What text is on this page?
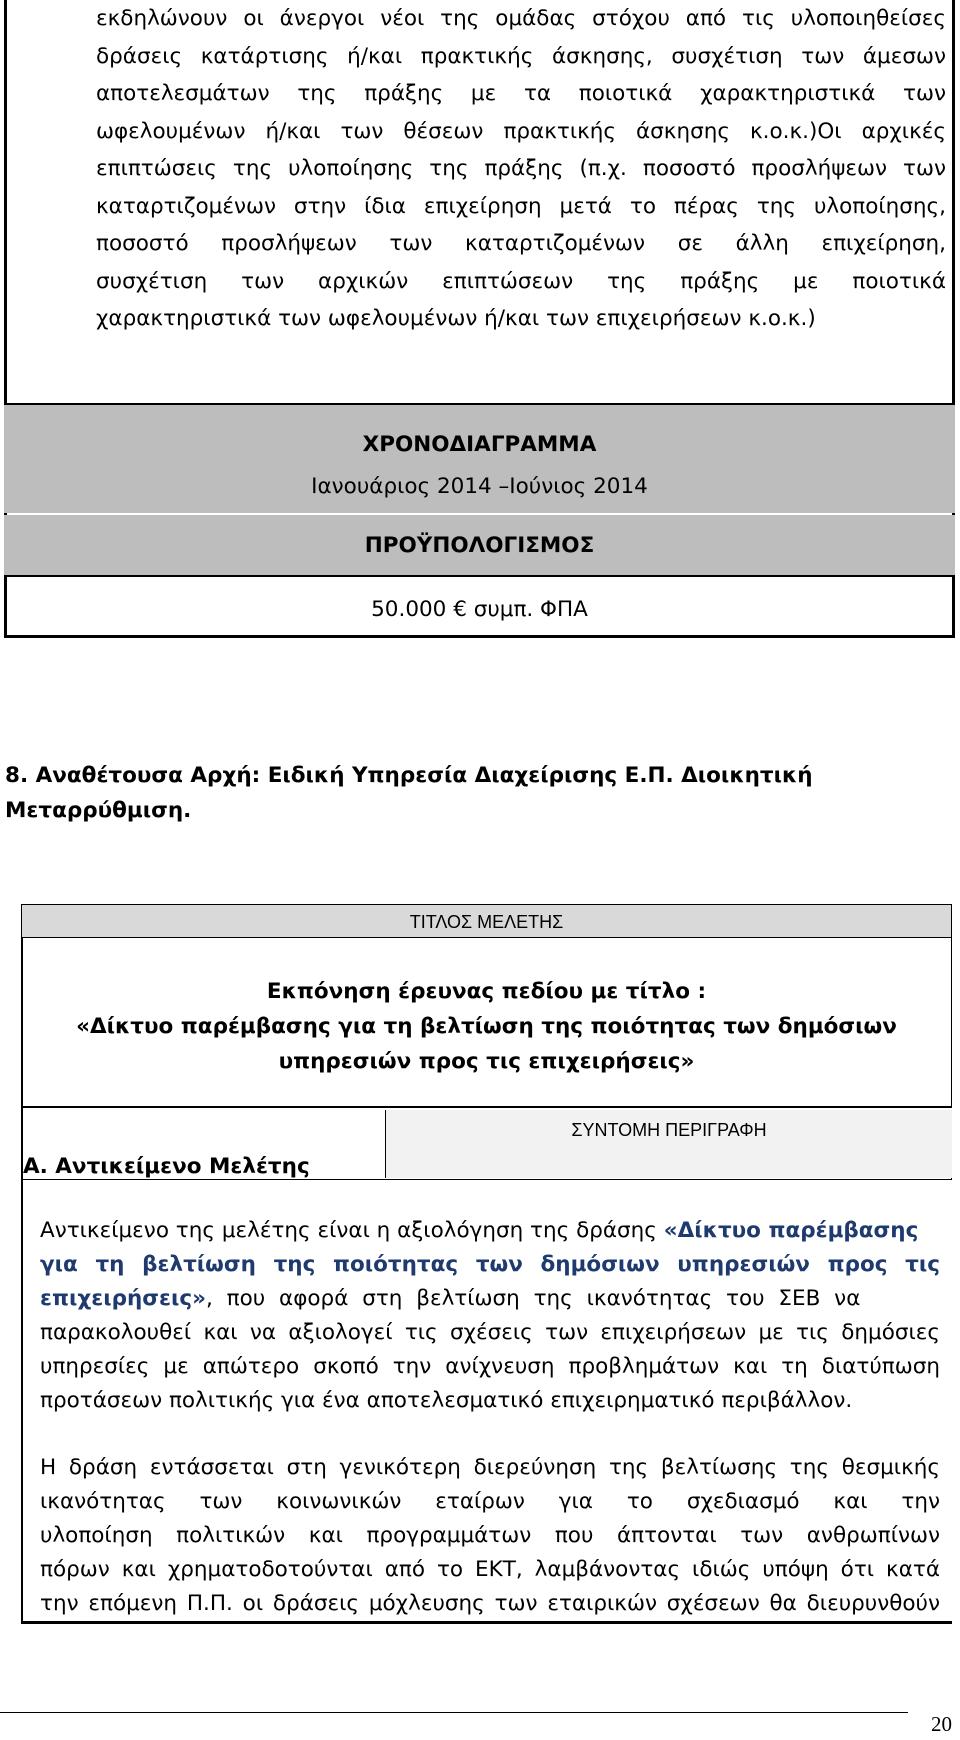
εκδηλώνουν οι άνεργοι νέοι της ομάδας στόχου από τις υλοποιηθείσες
δράσεις κατάρτισης ή/και πρακτικής άσκησης, συσχέτιση των άμεσων
αποτελεσμάτων της πράξης με τα ποιοτικά χαρακτηριστικά των
ωφελουμένων ή/και των θέσεων πρακτικής άσκησης κ.ο.κ.)Οι αρχικές
επιπτώσεις της υλοποίησης της πράξης (π.χ. ποσοστό προσλήψεων των
καταρτιζομένων στην ίδια επιχείρηση μετά το πέρας της υλοποίησης,
ποσοστό προσλήψεων των καταρτιζομένων σε άλλη επιχείρηση,
συσχέτιση των αρχικών επιπτώσεων της πράξης με ποιοτικά
χαρακτηριστικά των ωφελουμένων ή/και των επιχειρήσεων κ.ο.κ.)
ΧΡΟΝΟΔΙΑΓΡΑΜΜΑ
Ιανουάριος 2014 –Ιούνιος 2014
ΠΡΟΫΠΟΛΟΓΙΣΜΟΣ
50.000 € συμπ. ΦΠΑ
8. Αναθέτουσα Αρχή: Ειδική Υπηρεσία Διαχείρισης Ε.Π. Διοικητική
Μεταρρύθμιση.
ΤΙΤΛΟΣ ΜΕΛΕΤΗΣ
Εκπόνηση έρευνας πεδίου με τίτλο :
«Δίκτυο παρέμβασης για τη βελτίωση της ποιότητας των δημόσιων
υπηρεσιών προς τις επιχειρήσεις»
Α. Αντικείμενο Μελέτης
ΣΥΝΤΟΜΗ ΠΕΡΙΓΡΑΦΗ
Αντικείμενο της μελέτης είναι η αξιολόγηση της δράσης «Δίκτυο παρέμβασης
για τη βελτίωση της ποιότητας των δημόσιων υπηρεσιών προς τις
επιχειρήσεις», που αφορά στη βελτίωση της ικανότητας του ΣΕΒ να
παρακολουθεί και να αξιολογεί τις σχέσεις των επιχειρήσεων με τις δημόσιες
υπηρεσίες με απώτερο σκοπό την ανίχνευση προβλημάτων και τη διατύπωση
προτάσεων πολιτικής για ένα αποτελεσματικό επιχειρηματικό περιβάλλον.
Η δράση εντάσσεται στη γενικότερη διερεύνηση της βελτίωσης της θεσμικής
ικανότητας των κοινωνικών εταίρων για το σχεδιασμό και την
υλοποίηση πολιτικών και προγραμμάτων που άπτονται των ανθρωπίνων
πόρων και χρηματοδοτούνται από το ΕΚΤ, λαμβάνοντας ιδιώς υπόψη ότι κατά
την επόμενη Π.Π. οι δράσεις μόχλευσης των εταιρικών σχέσεων θα διευρυνθούν
20
